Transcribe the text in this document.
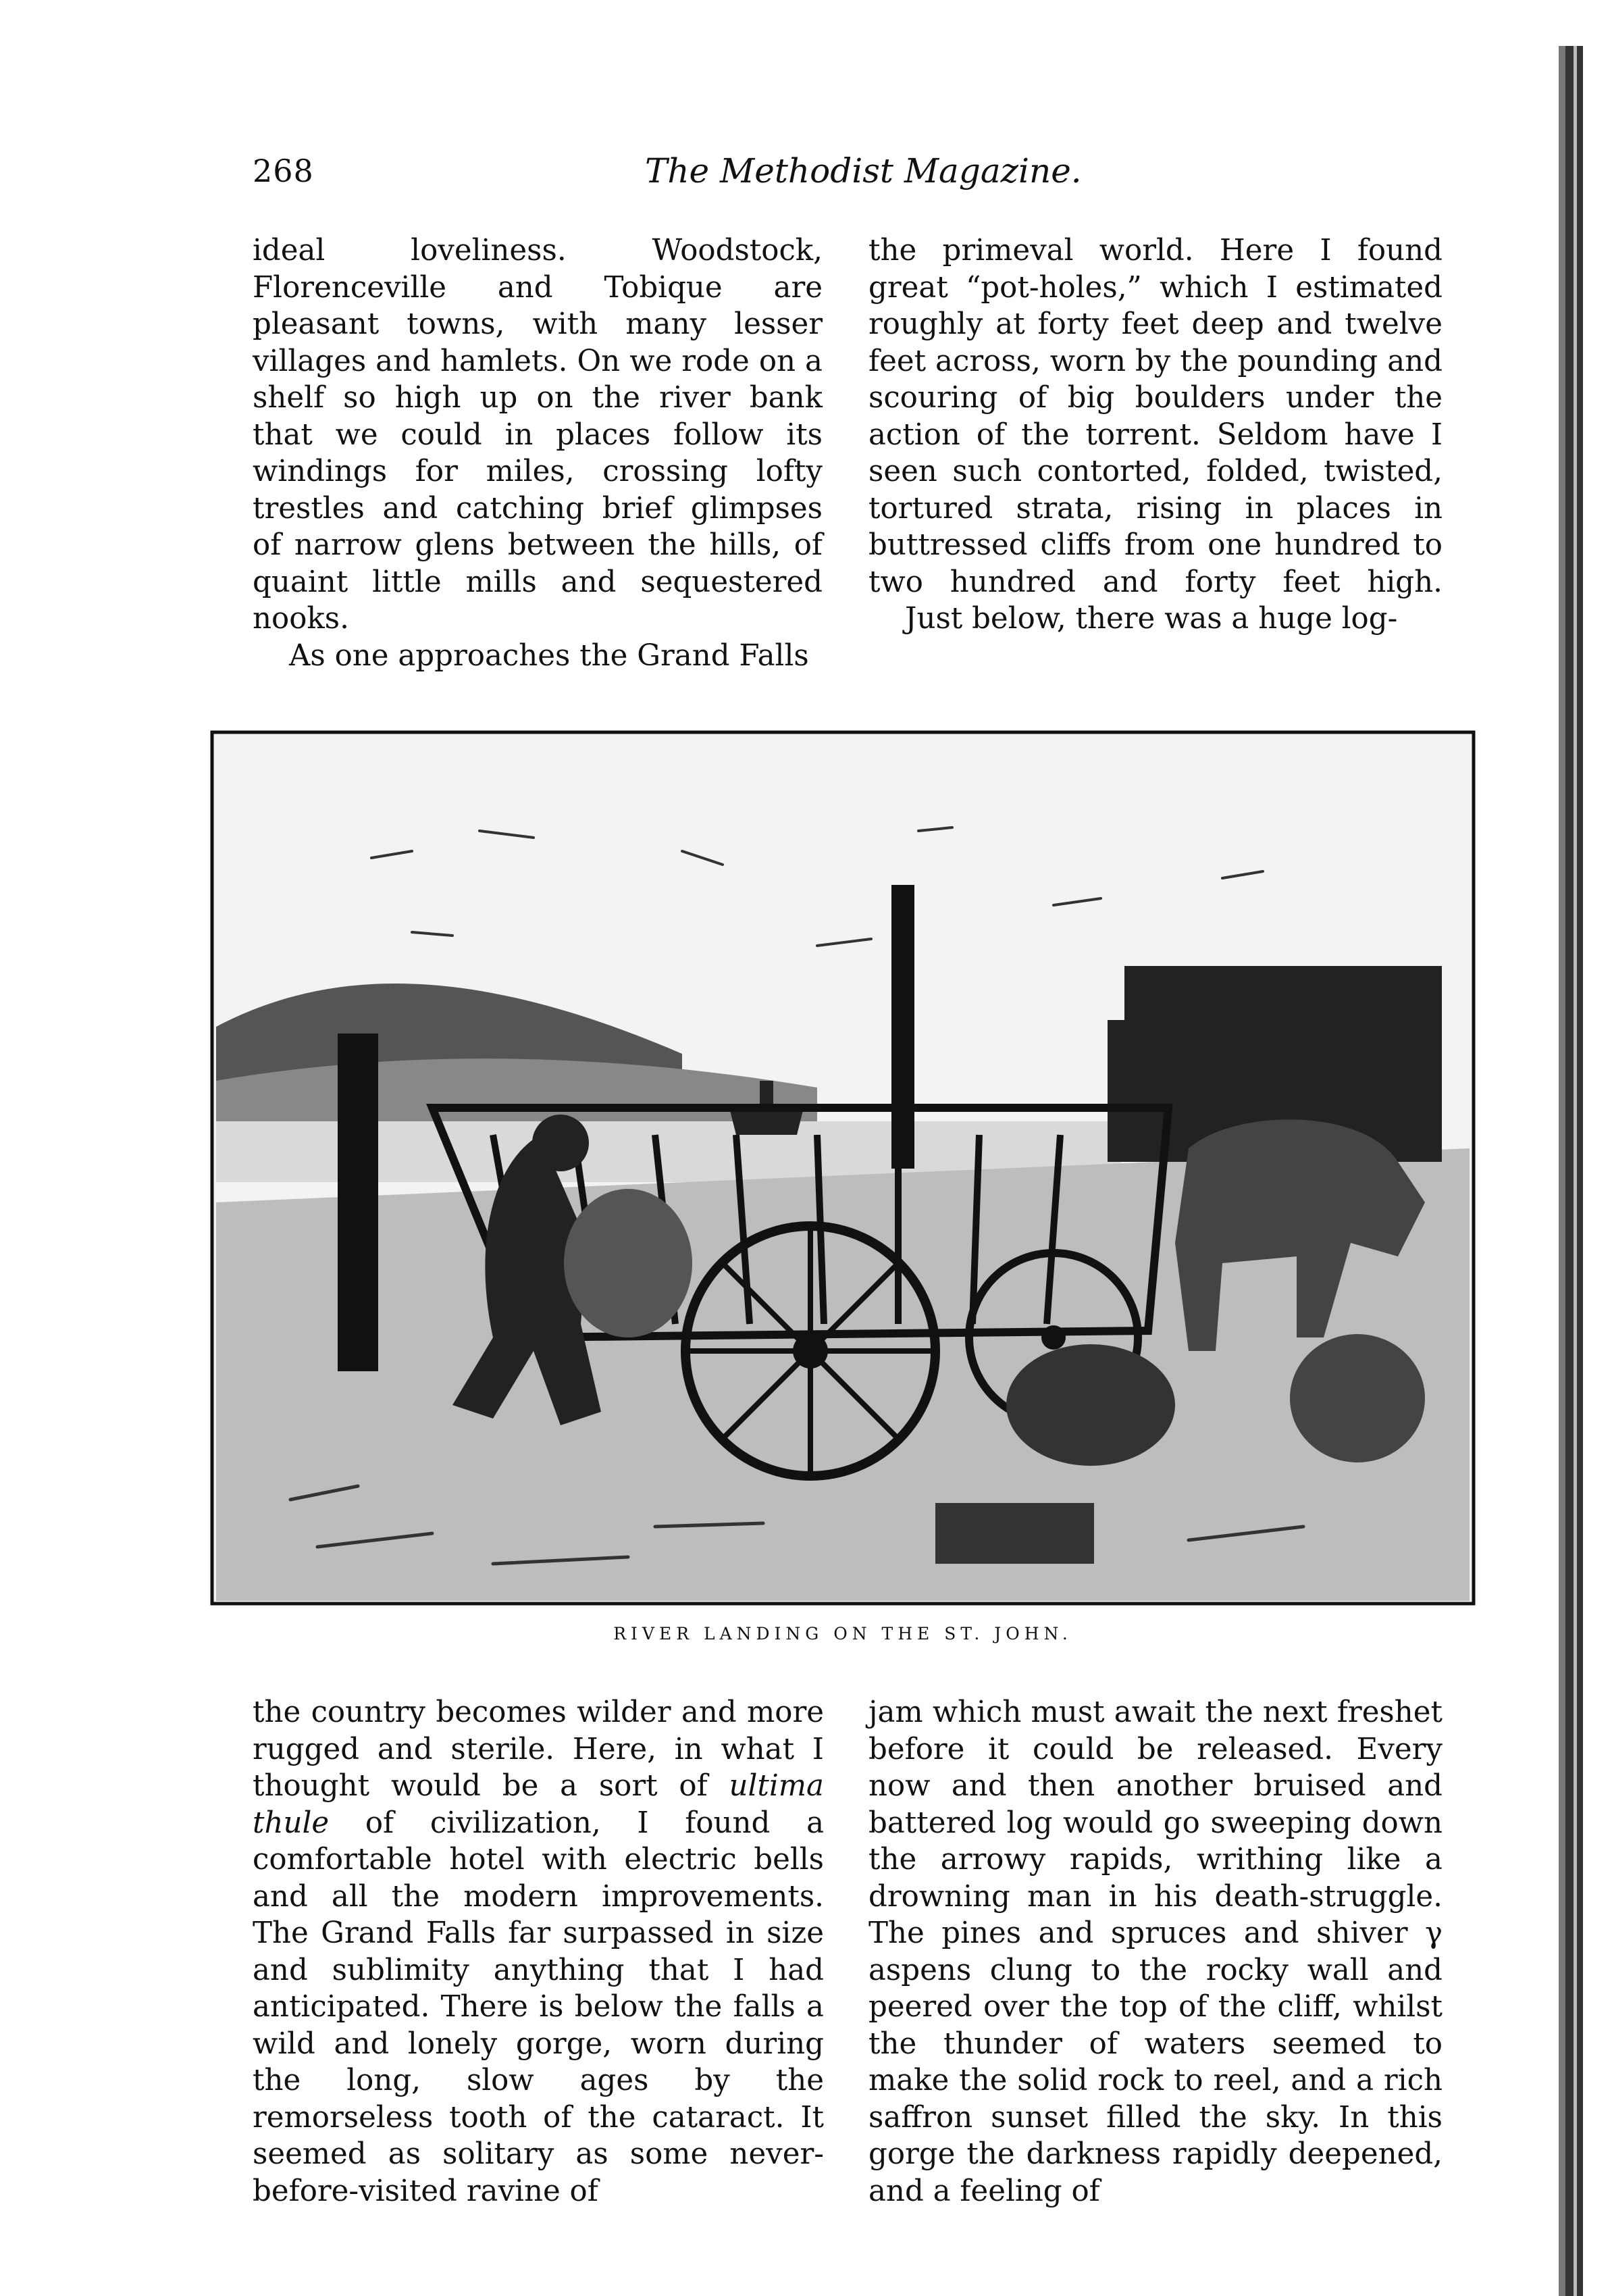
268	The Methodist Magazine.

ideal loveliness. Woodstock, Florenceville and Tobique are pleasant towns, with many lesser villages and hamlets. On we rode on a shelf so high up on the river bank that we could in places follow its windings for miles, crossing lofty trestles and catching brief glimpses of narrow glens between the hills, of quaint little mills and sequestered nooks.

As one approaches the Grand Falls

the primeval world. Here I found great “pot-holes,” which I estimated roughly at forty feet deep and twelve feet across, worn by the pounding and scouring of big boulders under the action of the torrent. Seldom have I seen such contorted, folded, twisted, tortured strata, rising in places in buttressed cliffs from one hundred to two hundred and forty feet high.

Just below, there was a huge log-

RIVER LANDING ON THE ST. JOHN.

the country becomes wilder and more rugged and sterile. Here, in what I thought would be a sort of ultima thule of civilization, I found a comfortable hotel with electric bells and all the modern improvements. The Grand Falls far surpassed in size and sublimity anything that I had anticipated. There is below the falls a wild and lonely gorge, worn during the long, slow ages by the remorseless tooth of the cataract. It seemed as solitary as some never-before-visited ravine of

jam which must await the next freshet before it could be released. Every now and then another bruised and battered log would go sweeping down the arrowy rapids, writhing like a drowning man in his death-struggle. The pines and spruces and shiver γ aspens clung to the rocky wall and peered over the top of the cliff, whilst the thunder of waters seemed to make the solid rock to reel, and a rich saffron sunset filled the sky. In this gorge the darkness rapidly deepened, and a feeling of
